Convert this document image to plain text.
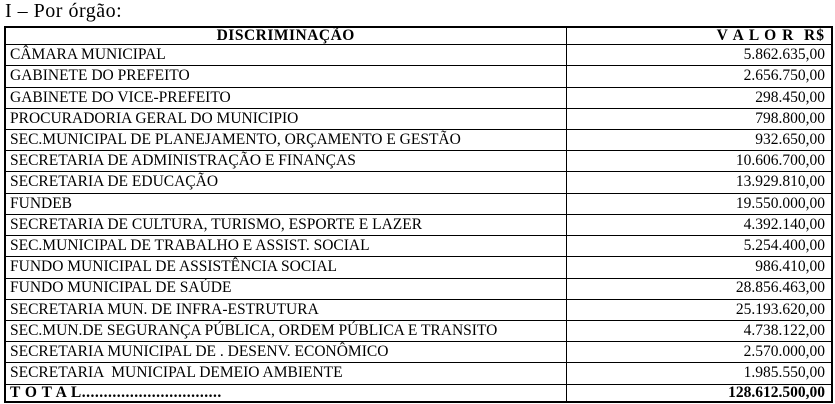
I – Por órgão:
DISCRIMINAÇÃO	V A L O R  R$
CÂMARA MUNICIPAL	5.862.635,00
GABINETE DO PREFEITO	2.656.750,00
GABINETE DO VICE-PREFEITO	298.450,00
PROCURADORIA GERAL DO MUNICIPIO	798.800,00
SEC.MUNICIPAL DE PLANEJAMENTO, ORÇAMENTO E GESTÃO	932.650,00
SECRETARIA DE ADMINISTRAÇÃO E FINANÇAS	10.606.700,00
SECRETARIA DE EDUCAÇÃO	13.929.810,00
FUNDEB	19.550.000,00
SECRETARIA DE CULTURA, TURISMO, ESPORTE E LAZER	4.392.140,00
SEC.MUNICIPAL DE TRABALHO E ASSIST. SOCIAL	5.254.400,00
FUNDO MUNICIPAL DE ASSISTÊNCIA SOCIAL	986.410,00
FUNDO MUNICIPAL DE SAÚDE	28.856.463,00
SECRETARIA MUN. DE INFRA-ESTRUTURA	25.193.620,00
SEC.MUN.DE SEGURANÇA PÚBLICA, ORDEM PÚBLICA E TRANSITO	4.738.122,00
SECRETARIA MUNICIPAL DE . DESENV. ECONÔMICO	2.570.000,00
SECRETARIA  MUNICIPAL DEMEIO AMBIENTE	1.985.550,00
T O T A L................................	128.612.500,00
